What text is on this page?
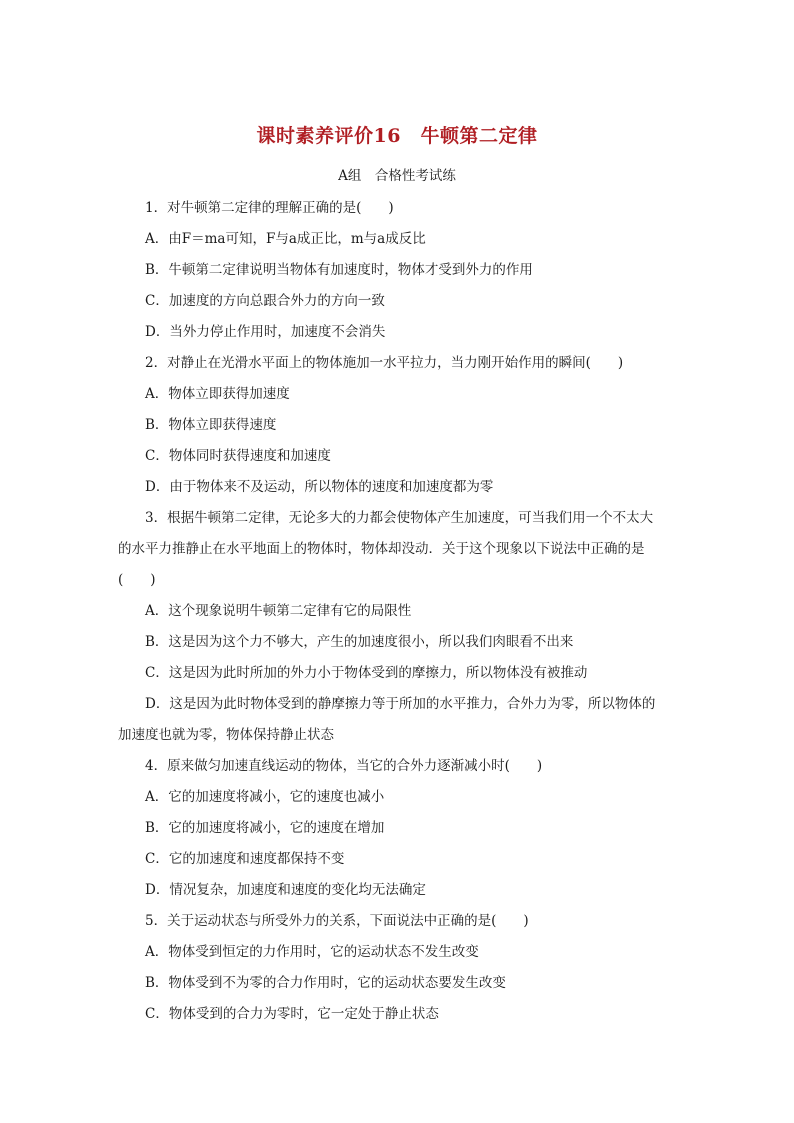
课时素养评价16　牛顿第二定律
A组　合格性考试练
1．对牛顿第二定律的理解正确的是(　　)
A．由F＝ma可知，F与a成正比，m与a成反比
B．牛顿第二定律说明当物体有加速度时，物体才受到外力的作用
C．加速度的方向总跟合外力的方向一致
D．当外力停止作用时，加速度不会消失
2．对静止在光滑水平面上的物体施加一水平拉力，当力刚开始作用的瞬间(　　)
A．物体立即获得加速度
B．物体立即获得速度
C．物体同时获得速度和加速度
D．由于物体来不及运动，所以物体的速度和加速度都为零
3．根据牛顿第二定律，无论多大的力都会使物体产生加速度，可当我们用一个不太大
的水平力推静止在水平地面上的物体时，物体却没动．关于这个现象以下说法中正确的是
(　　)
A．这个现象说明牛顿第二定律有它的局限性
B．这是因为这个力不够大，产生的加速度很小，所以我们肉眼看不出来
C．这是因为此时所加的外力小于物体受到的摩擦力，所以物体没有被推动
D．这是因为此时物体受到的静摩擦力等于所加的水平推力，合外力为零，所以物体的
加速度也就为零，物体保持静止状态
4．原来做匀加速直线运动的物体，当它的合外力逐渐减小时(　　)
A．它的加速度将减小，它的速度也减小
B．它的加速度将减小，它的速度在增加
C．它的加速度和速度都保持不变
D．情况复杂，加速度和速度的变化均无法确定
5．关于运动状态与所受外力的关系，下面说法中正确的是(　　)
A．物体受到恒定的力作用时，它的运动状态不发生改变
B．物体受到不为零的合力作用时，它的运动状态要发生改变
C．物体受到的合力为零时，它一定处于静止状态
